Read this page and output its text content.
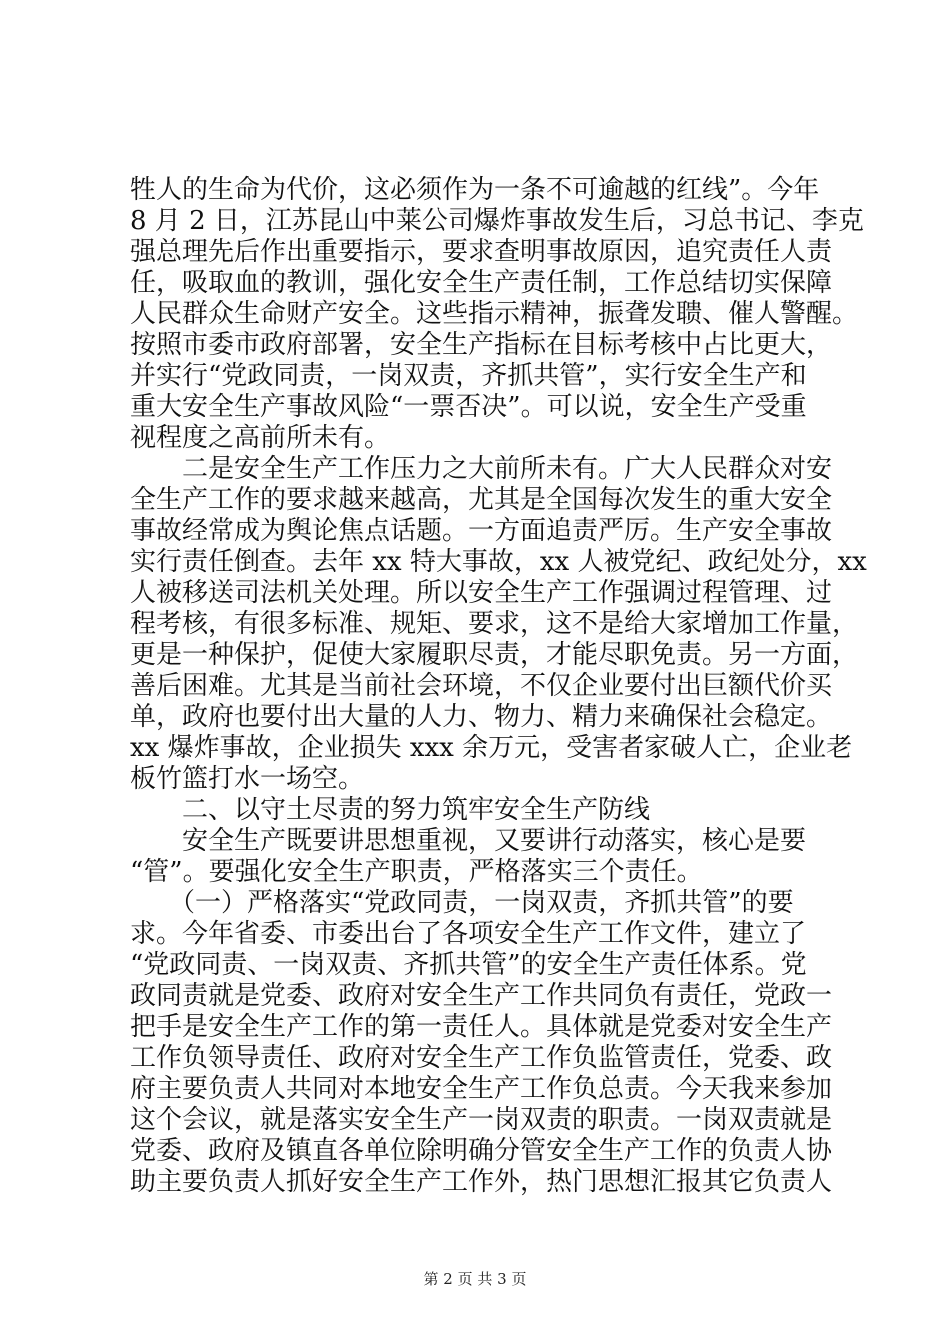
牲人的生命为代价，这必须作为一条不可逾越的红线”。今年
8 月 2 日，江苏昆山中莱公司爆炸事故发生后，习总书记、李克
强总理先后作出重要指示，要求查明事故原因，追究责任人责
任，吸取血的教训，强化安全生产责任制，工作总结切实保障
人民群众生命财产安全。这些指示精神，振聋发聩、催人警醒。
按照市委市政府部署，安全生产指标在目标考核中占比更大，
并实行“党政同责，一岗双责，齐抓共管”，实行安全生产和
重大安全生产事故风险“一票否决”。可以说，安全生产受重
视程度之高前所未有。
　　二是安全生产工作压力之大前所未有。广大人民群众对安
全生产工作的要求越来越高，尤其是全国每次发生的重大安全
事故经常成为舆论焦点话题。一方面追责严厉。生产安全事故
实行责任倒查。去年 xx 特大事故，xx 人被党纪、政纪处分，xx
人被移送司法机关处理。所以安全生产工作强调过程管理、过
程考核，有很多标准、规矩、要求，这不是给大家增加工作量，
更是一种保护，促使大家履职尽责，才能尽职免责。另一方面，
善后困难。尤其是当前社会环境，不仅企业要付出巨额代价买
单，政府也要付出大量的人力、物力、精力来确保社会稳定。
xx 爆炸事故，企业损失 xxx 余万元，受害者家破人亡，企业老
板竹篮打水一场空。
　　二、以守土尽责的努力筑牢安全生产防线
　　安全生产既要讲思想重视，又要讲行动落实，核心是要
“管”。要强化安全生产职责，严格落实三个责任。
　　（一）严格落实“党政同责，一岗双责，齐抓共管”的要
求。今年省委、市委出台了各项安全生产工作文件，建立了
“党政同责、一岗双责、齐抓共管”的安全生产责任体系。党
政同责就是党委、政府对安全生产工作共同负有责任，党政一
把手是安全生产工作的第一责任人。具体就是党委对安全生产
工作负领导责任、政府对安全生产工作负监管责任，党委、政
府主要负责人共同对本地安全生产工作负总责。今天我来参加
这个会议，就是落实安全生产一岗双责的职责。一岗双责就是
党委、政府及镇直各单位除明确分管安全生产工作的负责人协
助主要负责人抓好安全生产工作外，热门思想汇报其它负责人
第 2 页 共 3 页
